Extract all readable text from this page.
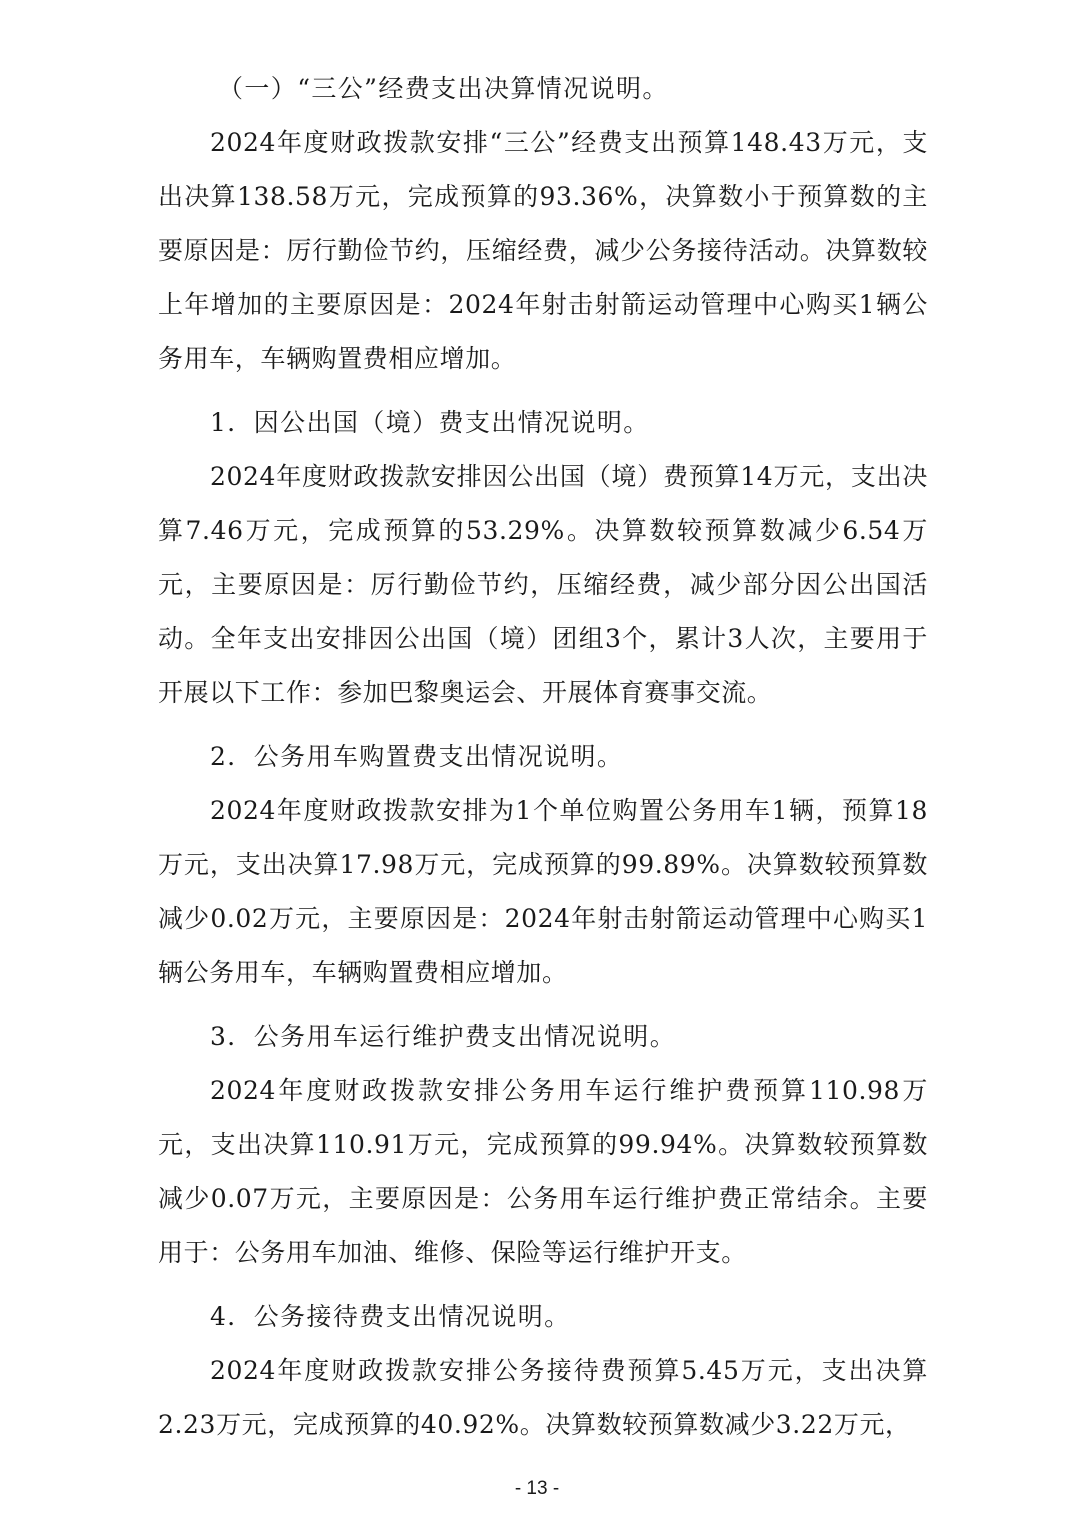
（一）“三公”经费支出决算情况说明。

2024年度财政拨款安排“三公”经费支出预算148.43万元，支出决算138.58万元，完成预算的93.36%，决算数小于预算数的主要原因是：厉行勤俭节约，压缩经费，减少公务接待活动。决算数较上年增加的主要原因是：2024年射击射箭运动管理中心购买1辆公务用车，车辆购置费相应增加。

1．因公出国（境）费支出情况说明。

2024年度财政拨款安排因公出国（境）费预算14万元，支出决算7.46万元，完成预算的53.29%。决算数较预算数减少6.54万元，主要原因是：厉行勤俭节约，压缩经费，减少部分因公出国活动。全年支出安排因公出国（境）团组3个，累计3人次，主要用于开展以下工作：参加巴黎奥运会、开展体育赛事交流。

2．公务用车购置费支出情况说明。

2024年度财政拨款安排为1个单位购置公务用车1辆，预算18万元，支出决算17.98万元，完成预算的99.89%。决算数较预算数减少0.02万元，主要原因是：2024年射击射箭运动管理中心购买1辆公务用车，车辆购置费相应增加。

3．公务用车运行维护费支出情况说明。

2024年度财政拨款安排公务用车运行维护费预算110.98万元，支出决算110.91万元，完成预算的99.94%。决算数较预算数减少0.07万元，主要原因是：公务用车运行维护费正常结余。主要用于：公务用车加油、维修、保险等运行维护开支。

4．公务接待费支出情况说明。

2024年度财政拨款安排公务接待费预算5.45万元，支出决算2.23万元，完成预算的40.92%。决算数较预算数减少3.22万元，

- 13 -
